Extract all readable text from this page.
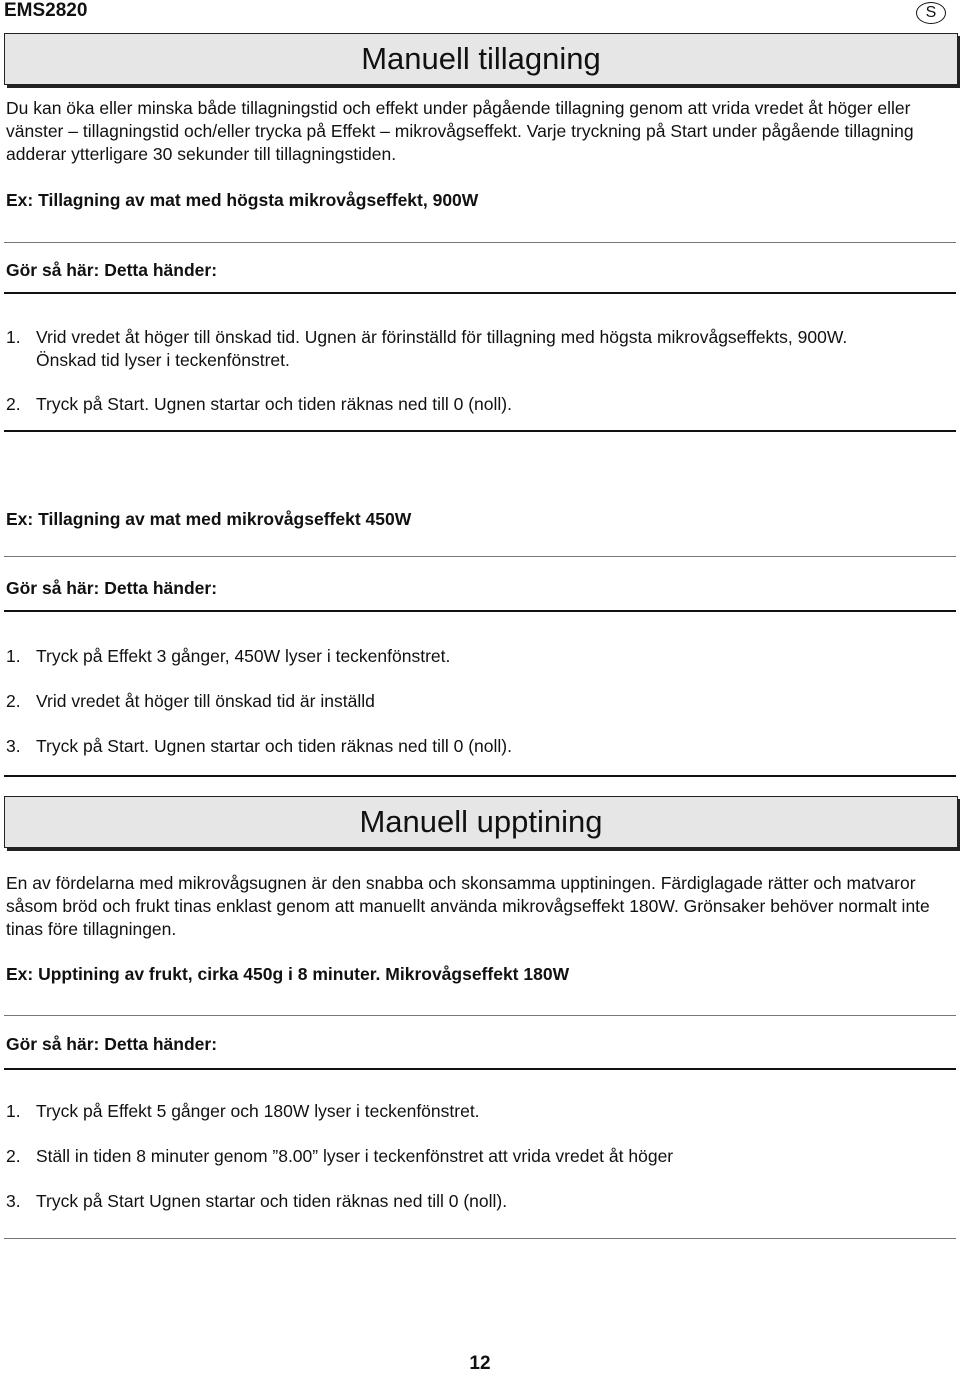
EMS2820	S
Manuell tillagning

Du kan öka eller minska både tillagningstid och effekt under pågående tillagning genom att vrida vredet åt höger eller vänster – tillagningstid och/eller trycka på Effekt – mikrovågseffekt. Varje tryckning på Start under pågående tillagning adderar ytterligare 30 sekunder till tillagningstiden.

Ex: Tillagning av mat med högsta mikrovågseffekt, 900W
Gör så här: Detta händer:
1. Vrid vredet åt höger till önskad tid. Ugnen är förinställd för tillagning med högsta mikrovågseffekts, 900W.
Önskad tid lyser i teckenfönstret.
2. Tryck på Start. Ugnen startar och tiden räknas ned till 0 (noll).
Ex: Tillagning av mat med mikrovågseffekt 450W
Gör så här: Detta händer:
1. Tryck på Effekt 3 gånger, 450W lyser i teckenfönstret.
2. Vrid vredet åt höger till önskad tid är inställd
3. Tryck på Start. Ugnen startar och tiden räknas ned till 0 (noll).
Manuell upptining

En av fördelarna med mikrovågsugnen är den snabba och skonsamma upptiningen. Färdiglagade rätter och matvaror såsom bröd och frukt tinas enklast genom att manuellt använda mikrovågseffekt 180W. Grönsaker behöver normalt inte tinas före tillagningen.

Ex: Upptining av frukt, cirka 450g i 8 minuter. Mikrovågseffekt 180W
Gör så här: Detta händer:
1. Tryck på Effekt 5 gånger och 180W lyser i teckenfönstret.
2. Ställ in tiden 8 minuter genom ”8.00” lyser i teckenfönstret att vrida vredet åt höger
3. Tryck på Start Ugnen startar och tiden räknas ned till 0 (noll).
12
